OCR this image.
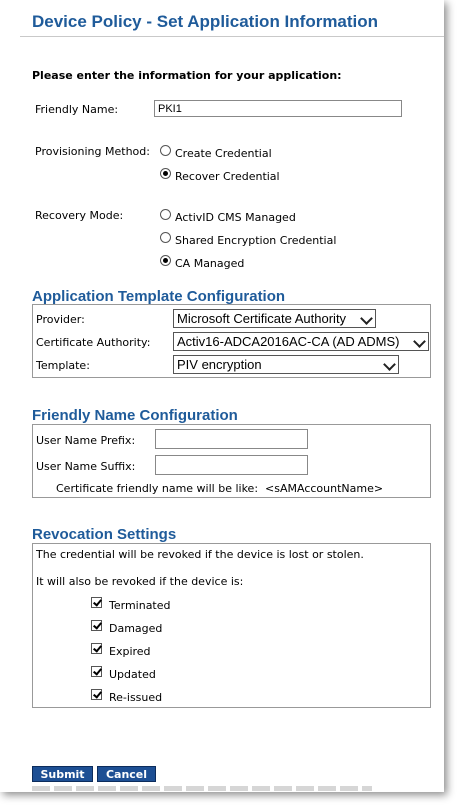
Device Policy - Set Application Information
Please enter the information for your application:
Friendly Name:
PKI1
Provisioning Method: Create Credential
Recover Credential
Recovery Mode:	ActivID CMS Managed
Shared Encryption Credential
CA Managed
Application Template Configuration
Provider:	Microsoft Certificate Authority
Certificate Authority:	Activ16-ADCA2016AC-CA (AD ADMS)
Template:	PIV encryption
Friendly Name Configuration
User Name Prefix:
User Name Suffix:
Certificate friendly name will be like:  <sAMAccountName>
Revocation Settings
The credential will be revoked if the device is lost or stolen.
It will also be revoked if the device is:
Terminated
Damaged
Expired
Updated
Re-issued
Submit	Cancel
